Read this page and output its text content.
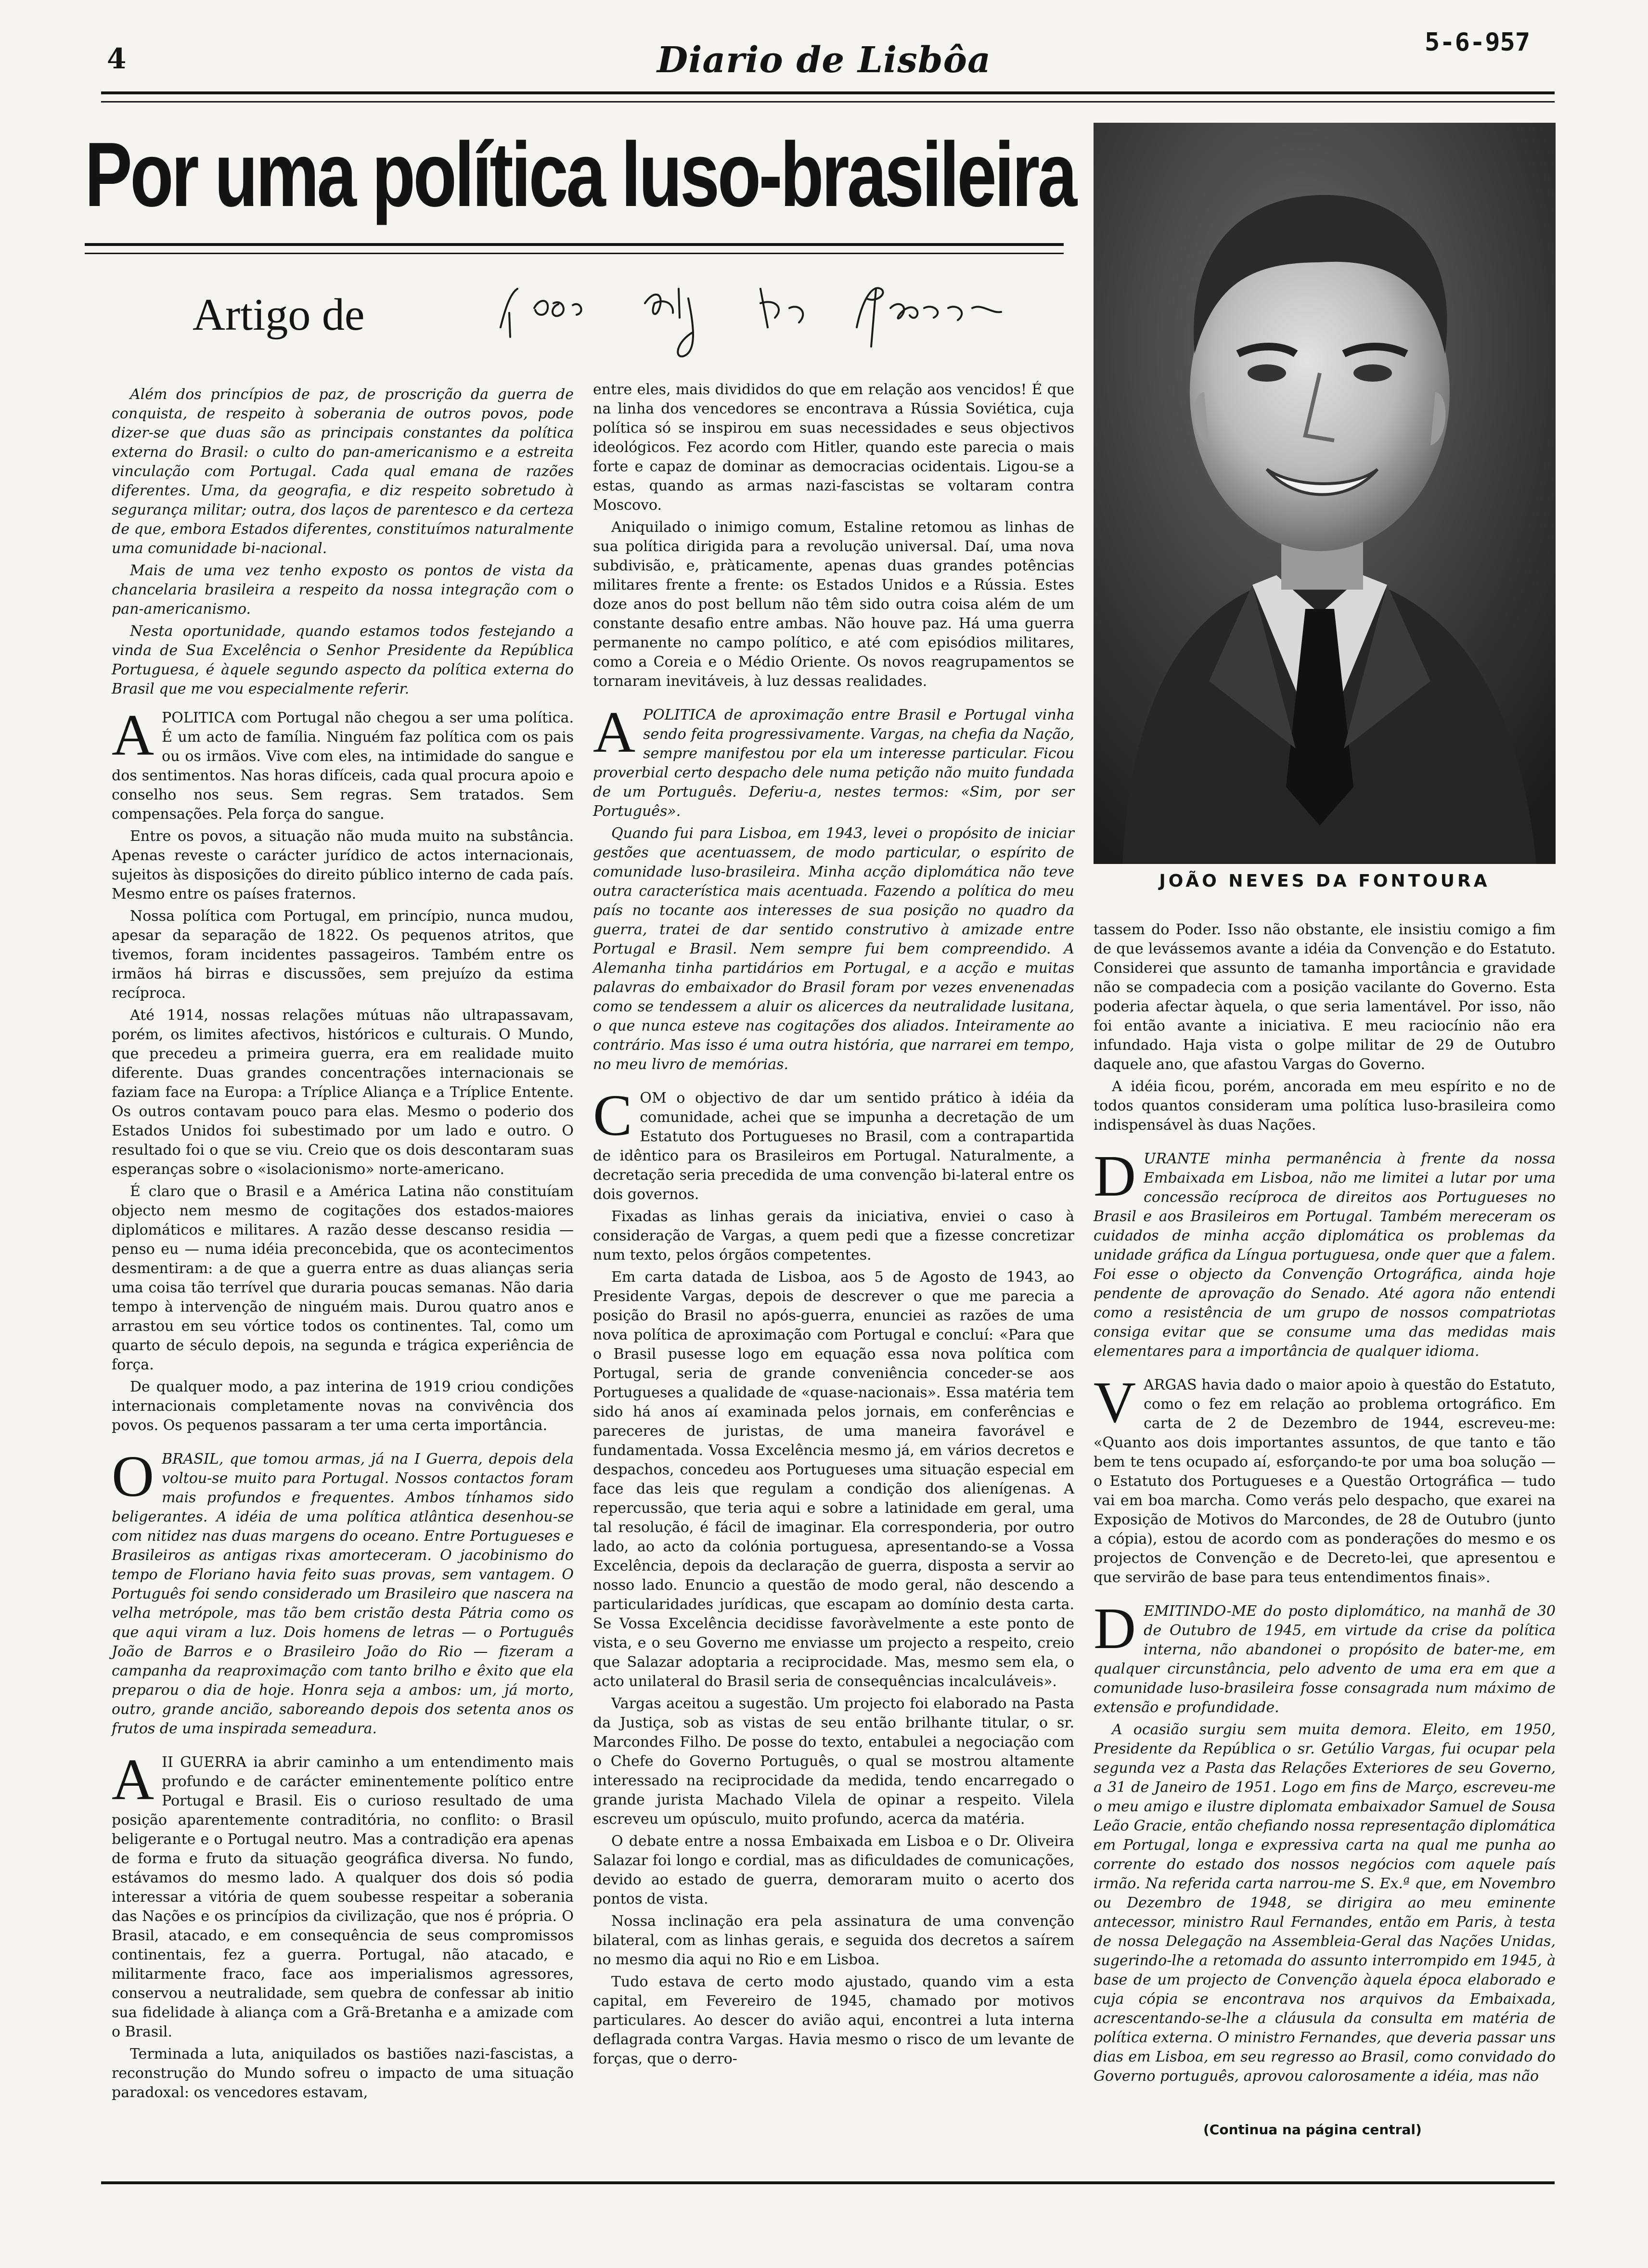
4	Diario de Lisbôa	5-6-957
Por uma política luso-brasileira
Artigo de
JOÃO NEVES DA FONTOURA

Além dos princípios de paz, de proscrição da guerra de conquista, de respeito à soberania de outros povos, pode dizer-se que duas são as principais constantes da política externa do Brasil: o culto do pan-americanismo e a estreita vinculação com Portugal. Cada qual emana de razões diferentes. Uma, da geografia, e diz respeito sobretudo à segurança militar; outra, dos laços de parentesco e da certeza de que, embora Estados diferentes, constituímos naturalmente uma comunidade bi-nacional.

Mais de uma vez tenho exposto os pontos de vista da chancelaria brasileira a respeito da nossa integração com o pan-americanismo.

Nesta oportunidade, quando estamos todos festejando a vinda de Sua Excelência o Senhor Presidente da República Portuguesa, é àquele segundo aspecto da política externa do Brasil que me vou especialmente referir.

APOLITICA com Portugal não chegou a ser uma política. É um acto de família. Ninguém faz política com os pais ou os irmãos. Vive com eles, na intimidade do sangue e dos sentimentos. Nas horas difíceis, cada qual procura apoio e conselho nos seus. Sem regras. Sem tratados. Sem compensações. Pela força do sangue.

Entre os povos, a situação não muda muito na substância. Apenas reveste o carácter jurídico de actos internacionais, sujeitos às disposições do direito público interno de cada país. Mesmo entre os países fraternos.

Nossa política com Portugal, em princípio, nunca mudou, apesar da separação de 1822. Os pequenos atritos, que tivemos, foram incidentes passageiros. Também entre os irmãos há birras e discussões, sem prejuízo da estima recíproca.

Até 1914, nossas relações mútuas não ultrapassavam, porém, os limites afectivos, históricos e culturais. O Mundo, que precedeu a primeira guerra, era em realidade muito diferente. Duas grandes concentrações internacionais se faziam face na Europa: a Tríplice Aliança e a Tríplice Entente. Os outros contavam pouco para elas. Mesmo o poderio dos Estados Unidos foi subestimado por um lado e outro. O resultado foi o que se viu. Creio que os dois descontaram suas esperanças sobre o «isolacionismo» norte-americano.

É claro que o Brasil e a América Latina não constituíam objecto nem mesmo de cogitações dos estados-maiores diplomáticos e militares. A razão desse descanso residia — penso eu — numa idéia preconcebida, que os acontecimentos desmentiram: a de que a guerra entre as duas alianças seria uma coisa tão terrível que duraria poucas semanas. Não daria tempo à intervenção de ninguém mais. Durou quatro anos e arrastou em seu vórtice todos os continentes. Tal, como um quarto de século depois, na segunda e trágica experiência de força.

De qualquer modo, a paz interina de 1919 criou condições internacionais completamente novas na convivência dos povos. Os pequenos passaram a ter uma certa importância.

OBRASIL, que tomou armas, já na I Guerra, depois dela voltou-se muito para Portugal. Nossos contactos foram mais profundos e frequentes. Ambos tínhamos sido beligerantes. A idéia de uma política atlântica desenhou-se com nitidez nas duas margens do oceano. Entre Portugueses e Brasileiros as antigas rixas amorteceram. O jacobinismo do tempo de Floriano havia feito suas provas, sem vantagem. O Português foi sendo considerado um Brasileiro que nascera na velha metrópole, mas tão bem cristão desta Pátria como os que aqui viram a luz. Dois homens de letras — o Português João de Barros e o Brasileiro João do Rio — fizeram a campanha da reaproximação com tanto brilho e êxito que ela preparou o dia de hoje. Honra seja a ambos: um, já morto, outro, grande ancião, saboreando depois dos setenta anos os frutos de uma inspirada semeadura.

AII GUERRA ia abrir caminho a um entendimento mais profundo e de carácter eminentemente político entre Portugal e Brasil. Eis o curioso resultado de uma posição aparentemente contraditória, no conflito: o Brasil beligerante e o Portugal neutro. Mas a contradição era apenas de forma e fruto da situação geográfica diversa. No fundo, estávamos do mesmo lado. A qualquer dos dois só podia interessar a vitória de quem soubesse respeitar a soberania das Nações e os princípios da civilização, que nos é própria. O Brasil, atacado, e em consequência de seus compromissos continentais, fez a guerra. Portugal, não atacado, e militarmente fraco, face aos imperialismos agressores, conservou a neutralidade, sem quebra de confessar ab initio sua fidelidade à aliança com a Grã-Bretanha e a amizade com o Brasil.

Terminada a luta, aniquilados os bastiões nazi-fascistas, a reconstrução do Mundo sofreu o impacto de uma situação paradoxal: os vencedores estavam,

entre eles, mais divididos do que em relação aos vencidos! É que na linha dos vencedores se encontrava a Rússia Soviética, cuja política só se inspirou em suas necessidades e seus objectivos ideológicos. Fez acordo com Hitler, quando este parecia o mais forte e capaz de dominar as democracias ocidentais. Ligou-se a estas, quando as armas nazi-fascistas se voltaram contra Moscovo.

Aniquilado o inimigo comum, Estaline retomou as linhas de sua política dirigida para a revolução universal. Daí, uma nova subdivisão, e, pràticamente, apenas duas grandes potências militares frente a frente: os Estados Unidos e a Rússia. Estes doze anos do post bellum não têm sido outra coisa além de um constante desafio entre ambas. Não houve paz. Há uma guerra permanente no campo político, e até com episódios militares, como a Coreia e o Médio Oriente. Os novos reagrupamentos se tornaram inevitáveis, à luz dessas realidades.

APOLITICA de aproximação entre Brasil e Portugal vinha sendo feita progressivamente. Vargas, na chefia da Nação, sempre manifestou por ela um interesse particular. Ficou proverbial certo despacho dele numa petição não muito fundada de um Português. Deferiu-a, nestes termos: «Sim, por ser Português».

Quando fui para Lisboa, em 1943, levei o propósito de iniciar gestões que acentuassem, de modo particular, o espírito de comunidade luso-brasileira. Minha acção diplomática não teve outra característica mais acentuada. Fazendo a política do meu país no tocante aos interesses de sua posição no quadro da guerra, tratei de dar sentido construtivo à amizade entre Portugal e Brasil. Nem sempre fui bem compreendido. A Alemanha tinha partidários em Portugal, e a acção e muitas palavras do embaixador do Brasil foram por vezes envenenadas como se tendessem a aluir os alicerces da neutralidade lusitana, o que nunca esteve nas cogitações dos aliados. Inteiramente ao contrário. Mas isso é uma outra história, que narrarei em tempo, no meu livro de memórias.

COM o objectivo de dar um sentido prático à idéia da comunidade, achei que se impunha a decretação de um Estatuto dos Portugueses no Brasil, com a contrapartida de idêntico para os Brasileiros em Portugal. Naturalmente, a decretação seria precedida de uma convenção bi-lateral entre os dois governos.

Fixadas as linhas gerais da iniciativa, enviei o caso à consideração de Vargas, a quem pedi que a fizesse concretizar num texto, pelos órgãos competentes.

Em carta datada de Lisboa, aos 5 de Agosto de 1943, ao Presidente Vargas, depois de descrever o que me parecia a posição do Brasil no após-guerra, enunciei as razões de uma nova política de aproximação com Portugal e concluí: «Para que o Brasil pusesse logo em equação essa nova política com Portugal, seria de grande conveniência conceder-se aos Portugueses a qualidade de «quase-nacionais». Essa matéria tem sido há anos aí examinada pelos jornais, em conferências e pareceres de juristas, de uma maneira favorável e fundamentada. Vossa Excelência mesmo já, em vários decretos e despachos, concedeu aos Portugueses uma situação especial em face das leis que regulam a condição dos alienígenas. A repercussão, que teria aqui e sobre a latinidade em geral, uma tal resolução, é fácil de imaginar. Ela corresponderia, por outro lado, ao acto da colónia portuguesa, apresentando-se a Vossa Excelência, depois da declaração de guerra, disposta a servir ao nosso lado. Enuncio a questão de modo geral, não descendo a particularidades jurídicas, que escapam ao domínio desta carta. Se Vossa Excelência decidisse favoràvelmente a este ponto de vista, e o seu Governo me enviasse um projecto a respeito, creio que Salazar adoptaria a reciprocidade. Mas, mesmo sem ela, o acto unilateral do Brasil seria de consequências incalculáveis».

Vargas aceitou a sugestão. Um projecto foi elaborado na Pasta da Justiça, sob as vistas de seu então brilhante titular, o sr. Marcondes Filho. De posse do texto, entabulei a negociação com o Chefe do Governo Português, o qual se mostrou altamente interessado na reciprocidade da medida, tendo encarregado o grande jurista Machado Vilela de opinar a respeito. Vilela escreveu um opúsculo, muito profundo, acerca da matéria.

O debate entre a nossa Embaixada em Lisboa e o Dr. Oliveira Salazar foi longo e cordial, mas as dificuldades de comunicações, devido ao estado de guerra, demoraram muito o acerto dos pontos de vista.

Nossa inclinação era pela assinatura de uma convenção bilateral, com as linhas gerais, e seguida dos decretos a saírem no mesmo dia aqui no Rio e em Lisboa.

Tudo estava de certo modo ajustado, quando vim a esta capital, em Fevereiro de 1945, chamado por motivos particulares. Ao descer do avião aqui, encontrei a luta interna deflagrada contra Vargas. Havia mesmo o risco de um levante de forças, que o derro-

tassem do Poder. Isso não obstante, ele insistiu comigo a fim de que levássemos avante a idéia da Convenção e do Estatuto. Considerei que assunto de tamanha importância e gravidade não se compadecia com a posição vacilante do Governo. Esta poderia afectar àquela, o que seria lamentável. Por isso, não foi então avante a iniciativa. E meu raciocínio não era infundado. Haja vista o golpe militar de 29 de Outubro daquele ano, que afastou Vargas do Governo.

A idéia ficou, porém, ancorada em meu espírito e no de todos quantos consideram uma política luso-brasileira como indispensável às duas Nações.

DURANTE minha permanência à frente da nossa Embaixada em Lisboa, não me limitei a lutar por uma concessão recíproca de direitos aos Portugueses no Brasil e aos Brasileiros em Portugal. Também mereceram os cuidados de minha acção diplomática os problemas da unidade gráfica da Língua portuguesa, onde quer que a falem. Foi esse o objecto da Convenção Ortográfica, ainda hoje pendente de aprovação do Senado. Até agora não entendi como a resistência de um grupo de nossos compatriotas consiga evitar que se consume uma das medidas mais elementares para a importância de qualquer idioma.

VARGAS havia dado o maior apoio à questão do Estatuto, como o fez em relação ao problema ortográfico. Em carta de 2 de Dezembro de 1944, escreveu-me: «Quanto aos dois importantes assuntos, de que tanto e tão bem te tens ocupado aí, esforçando-te por uma boa solução — o Estatuto dos Portugueses e a Questão Ortográfica — tudo vai em boa marcha. Como verás pelo despacho, que exarei na Exposição de Motivos do Marcondes, de 28 de Outubro (junto a cópia), estou de acordo com as ponderações do mesmo e os projectos de Convenção e de Decreto-lei, que apresentou e que servirão de base para teus entendimentos finais».

DEMITINDO-ME do posto diplomático, na manhã de 30 de Outubro de 1945, em virtude da crise da política interna, não abandonei o propósito de bater-me, em qualquer circunstância, pelo advento de uma era em que a comunidade luso-brasileira fosse consagrada num máximo de extensão e profundidade.

A ocasião surgiu sem muita demora. Eleito, em 1950, Presidente da República o sr. Getúlio Vargas, fui ocupar pela segunda vez a Pasta das Relações Exteriores de seu Governo, a 31 de Janeiro de 1951. Logo em fins de Março, escreveu-me o meu amigo e ilustre diplomata embaixador Samuel de Sousa Leão Gracie, então chefiando nossa representação diplomática em Portugal, longa e expressiva carta na qual me punha ao corrente do estado dos nossos negócios com aquele país irmão. Na referida carta narrou-me S. Ex.ª que, em Novembro ou Dezembro de 1948, se dirigira ao meu eminente antecessor, ministro Raul Fernandes, então em Paris, à testa de nossa Delegação na Assembleia-Geral das Nações Unidas, sugerindo-lhe a retomada do assunto interrompido em 1945, à base de um projecto de Convenção àquela época elaborado e cuja cópia se encontrava nos arquivos da Embaixada, acrescentando-se-lhe a cláusula da consulta em matéria de política externa. O ministro Fernandes, que deveria passar uns dias em Lisboa, em seu regresso ao Brasil, como convidado do Governo português, aprovou calorosamente a idéia, mas não

(Continua na página central)
